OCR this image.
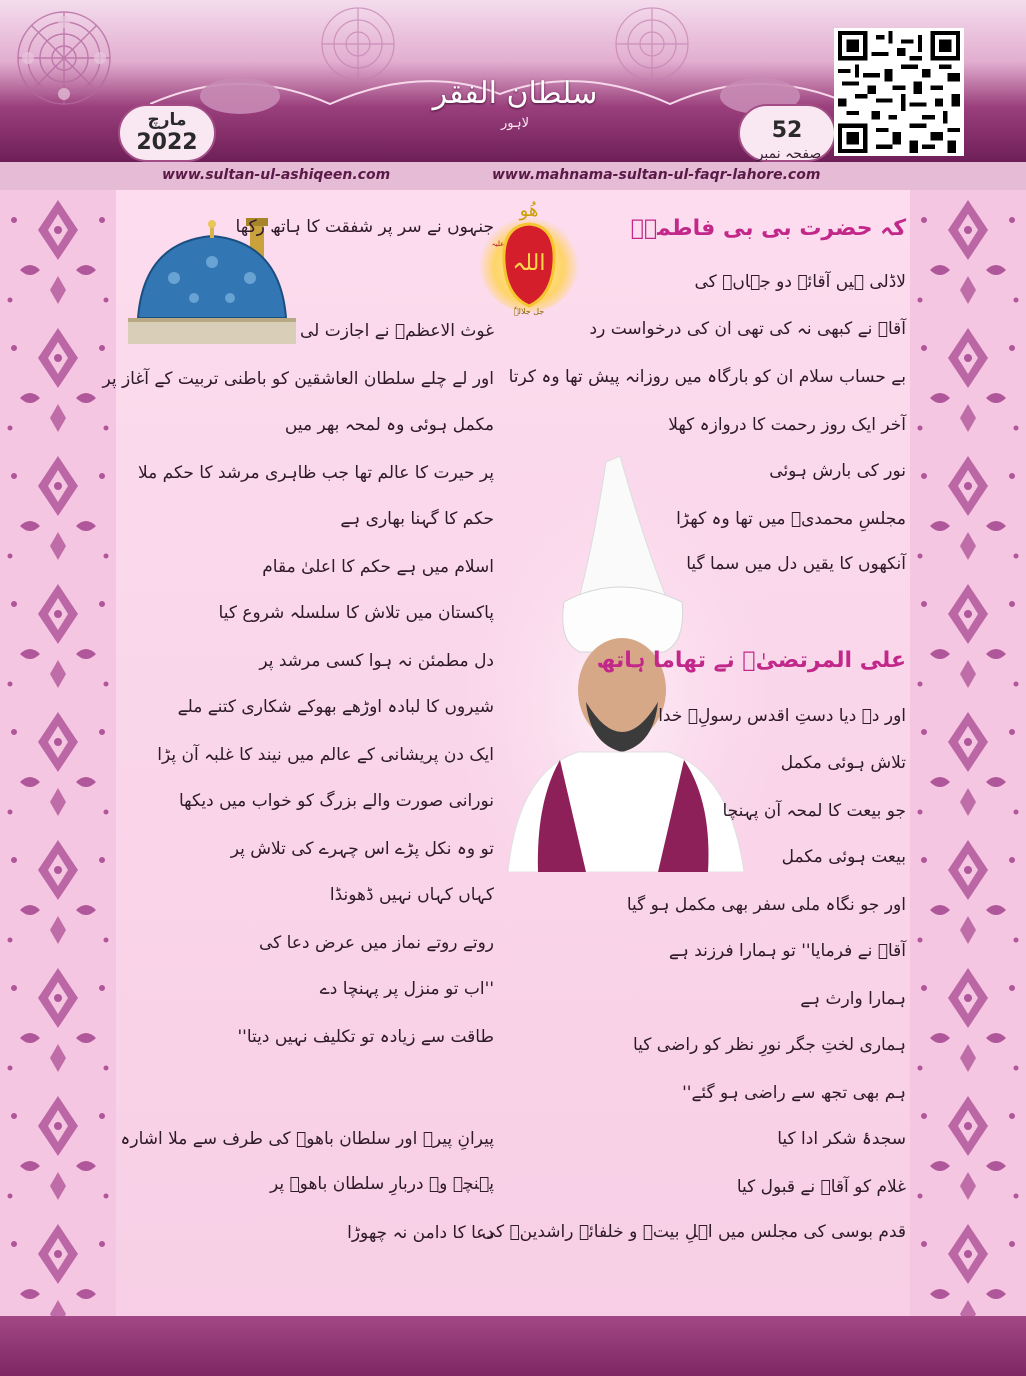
سلطان الفقر
لاہور
مارچ
2022	52 صفحہ نمبر
www.sultan-ul-ashiqeen.com	www.mahnama-sultan-ul-faqr-lahore.com
ھُو
اللہ
علیہ
جل جلالہٗ
کہ حضرت بی بی فاطمہؓ
لاڈلی ہیں آقائے دو جہاںؐ کی
آقاؐ نے کبھی نہ کی تھی ان کی درخواست رد
بے حساب سلام ان کو بارگاہ میں روزانہ پیش تھا وہ کرتا
آخر ایک روز رحمت کا دروازہ کھلا
نور کی بارش ہوئی
مجلسِ محمدیؐ میں تھا وہ کھڑا
آنکھوں کا یقیں دل میں سما گیا
علی المرتضیٰؓ نے تھاما ہاتھ
اور دے دیا دستِ اقدس رسولِؐ خدا
تلاش ہوئی مکمل
جو بیعت کا لمحہ آن پہنچا
بیعت ہوئی مکمل
اور جو نگاہ ملی سفر بھی مکمل ہو گیا
آقاؐ نے فرمایا'' تو ہمارا فرزند ہے
ہمارا وارث ہے
ہماری لختِ جگر نورِ نظر کو راضی کیا
ہم بھی تجھ سے راضی ہو گئے''
سجدۂ شکر ادا کیا
غلام کو آقاؐ نے قبول کیا
قدم بوسی کی مجلس میں اہلِ بیتؓ و خلفائے راشدینؓ کی
جنہوں نے سر پر شفقت کا ہاتھ رکھا
غوث الاعظمؓ نے اجازت لی
اور لے چلے سلطان العاشقین کو باطنی تربیت کے آغاز پر
مکمل ہوئی وہ لمحہ بھر میں
پر حیرت کا عالم تھا جب ظاہری مرشد کا حکم ملا
حکم کا گہنا بھاری ہے
اسلام میں ہے حکم کا اعلیٰ مقام
پاکستان میں تلاش کا سلسلہ شروع کیا
دل مطمئن نہ ہوا کسی مرشد پر
شیروں کا لبادہ اوڑھے بھوکے شکاری کتنے ملے
ایک دن پریشانی کے عالم میں نیند کا غلبہ آن پڑا
نورانی صورت والے بزرگ کو خواب میں دیکھا
تو وہ نکل پڑے اس چہرے کی تلاش پر
کہاں کہاں نہیں ڈھونڈا
روتے روتے نماز میں عرض دعا کی
''اب تو منزل پر پہنچا دے
طاقت سے زیادہ تو تکلیف نہیں دیتا''
پیرانِ پیرؓ اور سلطان باھوؒ کی طرف سے ملا اشارہ
پہنچے وہ دربارِ سلطان باھوؒ پر
دعا کا دامن نہ چھوڑا
